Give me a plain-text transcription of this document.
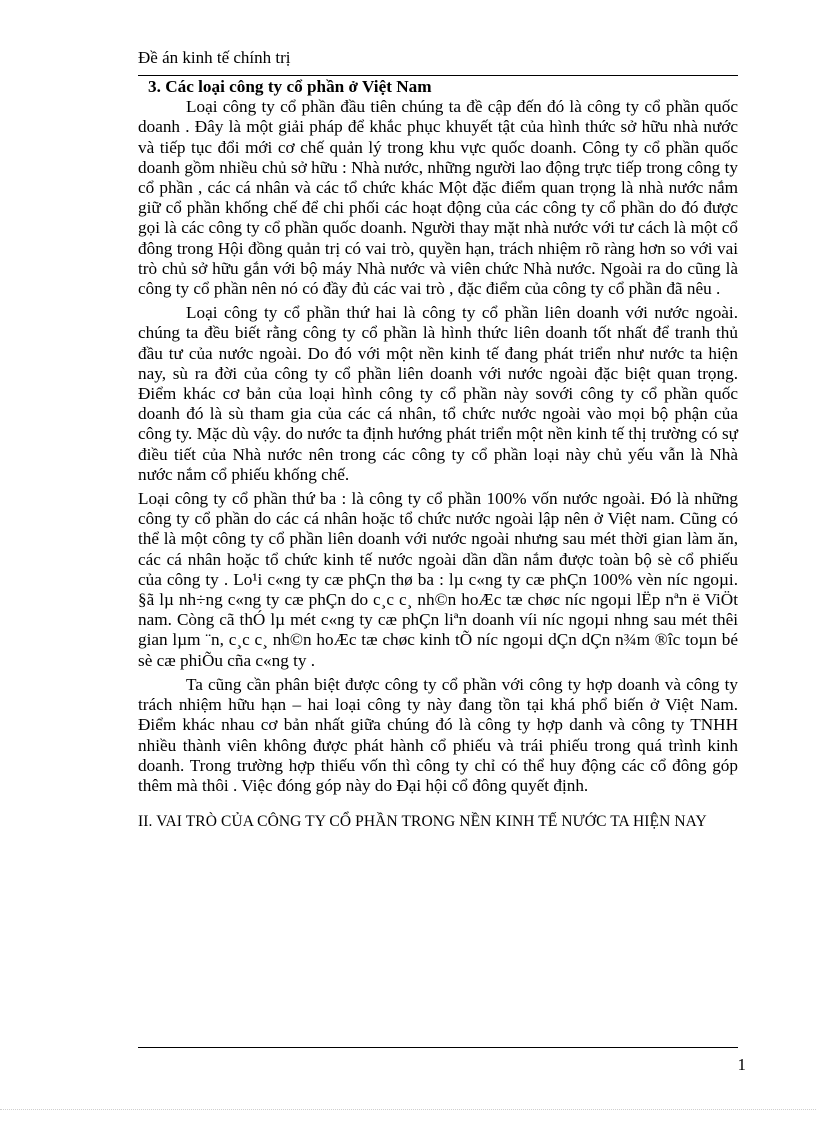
Đề án kinh tế chính trị

3. Các loại công ty cổ phần ở Việt Nam

Loại công ty cổ phần đầu tiên chúng ta đề cập đến đó là công ty cổ phần quốc doanh . Đây là một giải pháp để khắc phục khuyết tật của hình thức sở hữu nhà nước và tiếp tục đổi mới cơ chế quản lý trong khu vực quốc doanh. Công ty cổ phần quốc doanh gồm nhiều chủ sở hữu : Nhà nước, những người lao động trực tiếp trong công ty cổ phần , các cá nhân và các tổ chức khác Một đặc điểm quan trọng là nhà nước nắm giữ cổ phần khống chế để chi phối các hoạt động của các công ty cổ phần do đó được gọi là các công ty cổ phần quốc doanh. Người thay mặt nhà nước với tư cách là một cổ đông trong Hội đồng quản trị có vai trò, quyền hạn, trách nhiệm rõ ràng hơn so với vai trò chủ sở hữu gắn với bộ máy Nhà nước và viên chức Nhà nước. Ngoài ra do cũng là công ty cổ phần nên nó có đầy đủ các vai trò , đặc điểm của công ty cổ phần đã nêu .

Loại công ty cổ phần thứ hai là công ty cổ phần liên doanh với nước ngoài. chúng ta đều biết rằng công ty cổ phần là hình thức liên doanh tốt nhất để tranh thủ đầu tư của nước ngoài. Do đó với một nền kinh tế đang phát triển như nước ta hiện nay, sù ra đời của công ty cổ phần liên doanh với nước ngoài đặc biệt quan trọng. Điểm khác cơ bản của loại hình công ty cổ phần này sovới công ty cổ phần quốc doanh đó là sù tham gia của các cá nhân, tổ chức nước ngoài vào mọi bộ phận của công ty. Mặc dù vậy. do nước ta định hướng phát triển một nền kinh tế thị trường có sự điều tiết của Nhà nước nên trong các công ty cổ phần loại này chủ yếu vẫn là Nhà nước nắm cổ phiếu khống chế.

Loại công ty cổ phần thứ ba : là công ty cổ phần 100% vốn nước ngoài. Đó là những công ty cổ phần do các cá nhân hoặc tổ chức nước ngoài lập nên ở Việt nam. Cũng có thể là một công ty cổ phần liên doanh với nước ngoài nhưng sau mét thời gian làm ăn, các cá nhân hoặc tổ chức kinh tế nước ngoài dần dần nắm được toàn bộ sè cổ phiếu của công ty . Lo¹i c«ng ty cæ phÇn thø ba : lµ c«ng ty cæ phÇn 100% vèn níc ngoµi. §ã lµ nh÷ng c«ng ty cæ phÇn do c¸c c¸ nh©n hoÆc tæ chøc níc ngoµi lËp nªn ë ViÖt nam. Còng cã thÓ lµ mét c«ng ty cæ phÇn liªn doanh víi níc ngoµi nhng sau mét thêi gian lµm ¨n, c¸c c¸ nh©n hoÆc tæ chøc kinh tÕ níc ngoµi dÇn dÇn n¾m ®îc toµn bé sè cæ phiÕu cña c«ng ty .

Ta cũng cần phân biệt được công ty cổ phần với công ty hợp doanh và công ty trách nhiệm hữu hạn – hai loại công ty này đang tồn tại khá phổ biến ở Việt Nam. Điểm khác nhau cơ bản nhất giữa chúng đó là công ty hợp danh và công ty TNHH nhiều thành viên không được phát hành cổ phiếu và trái phiếu trong quá trình kinh doanh. Trong trường hợp thiếu vốn thì công ty chỉ có thể huy động các cổ đông góp thêm mà thôi . Việc đóng góp này do Đại hội cổ đông quyết định.

II. VAI TRÒ CỦA CÔNG TY CỔ PHẦN TRONG NỀN KINH TẾ NƯỚC TA HIỆN NAY

1
